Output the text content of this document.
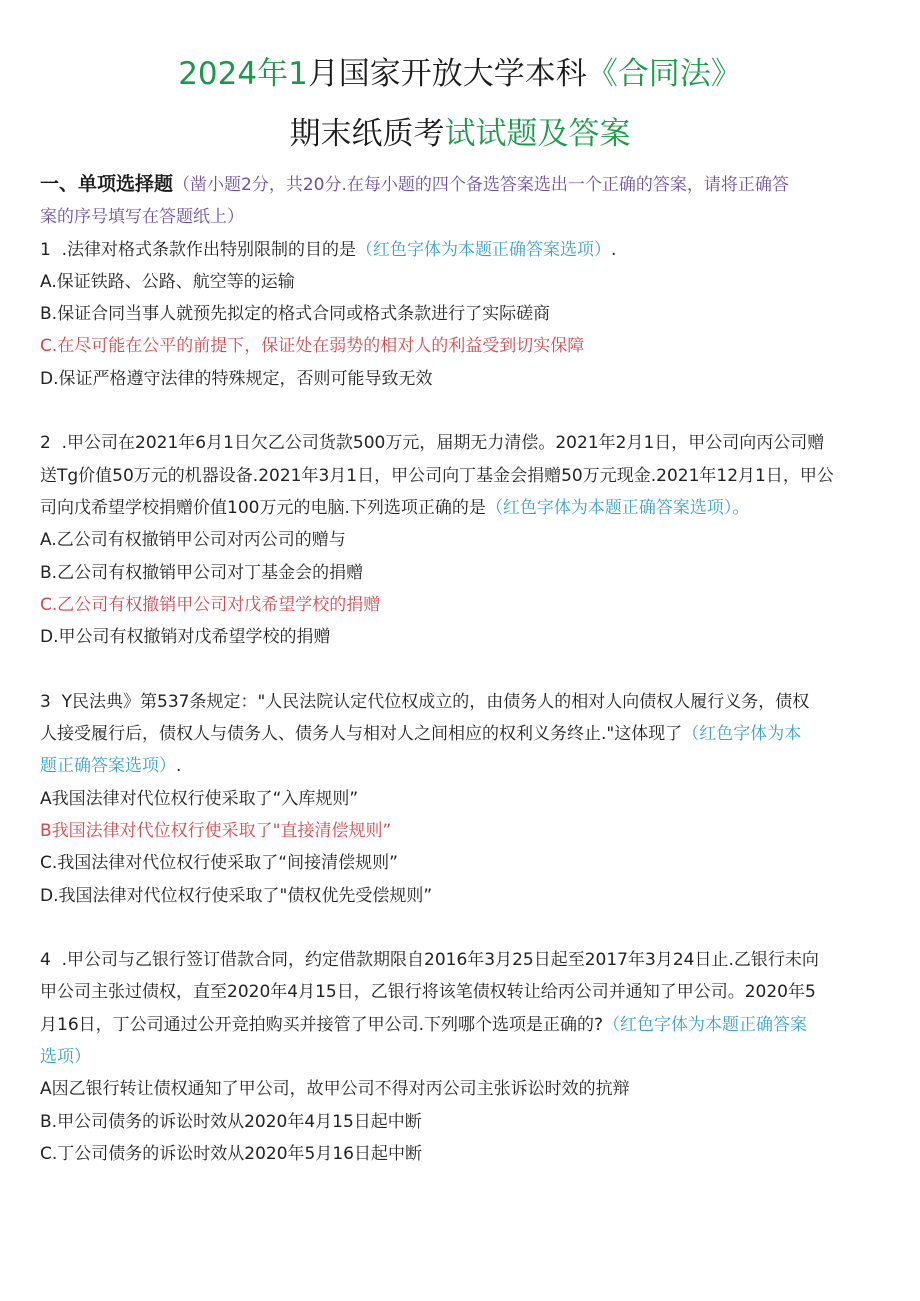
2024年1月国家开放大学本科《合同法》
期末纸质考试试题及答案
一、单项选择题（凿小题2分，共20分.在每小题的四个备选答案选出一个正确的答案，请将正确答
案的序号填写在答题纸上）
1  .法律对格式条款作出特别限制的目的是（红色字体为本题正确答案选项）.
A.保证铁路、公路、航空等的运输
B.保证合同当事人就预先拟定的格式合同或格式条款进行了实际磋商
C.在尽可能在公平的前提下，保证处在弱势的相对人的利益受到切实保障
D.保证严格遵守法律的特殊规定，否则可能导致无效
2  .甲公司在2021年6月1日欠乙公司货款500万元，届期无力清偿。2021年2月1日，甲公司向丙公司赠
送Tg价值50万元的机器设备.2021年3月1日，甲公司向丁基金会捐赠50万元现金.2021年12月1日，甲公
司向戊希望学校捐赠价值100万元的电脑.下列选项正确的是（红色字体为本题正确答案选项）。
A.乙公司有权撤销甲公司对丙公司的赠与
B.乙公司有权撤销甲公司对丁基金会的捐赠
C.乙公司有权撤销甲公司对戊希望学校的捐赠
D.甲公司有权撤销对戊希望学校的捐赠
3  Y民法典》第537条规定："人民法院认定代位权成立的，由债务人的相对人向债权人履行义务，债权
人接受履行后，债权人与债务人、债务人与相对人之间相应的权利义务终止."这体现了（红色字体为本
题正确答案选项）.
A我国法律对代位权行使采取了“入库规则”
B我国法律对代位权行使采取了"直接清偿规则”
C.我国法律对代位权行使采取了“间接清偿规则”
D.我国法律对代位权行使采取了"债权优先受偿规则”
4  .甲公司与乙银行签订借款合同，约定借款期限自2016年3月25日起至2017年3月24日止.乙银行未向
甲公司主张过债权，直至2020年4月15日，乙银行将该笔债权转让给丙公司并通知了甲公司。2020年5
月16日，丁公司通过公开竞拍购买并接管了甲公司.下列哪个选项是正确的?（红色字体为本题正确答案
选项）
A因乙银行转让债权通知了甲公司，故甲公司不得对丙公司主张诉讼时效的抗辩
B.甲公司债务的诉讼时效从2020年4月15日起中断
C.丁公司债务的诉讼时效从2020年5月16日起中断
